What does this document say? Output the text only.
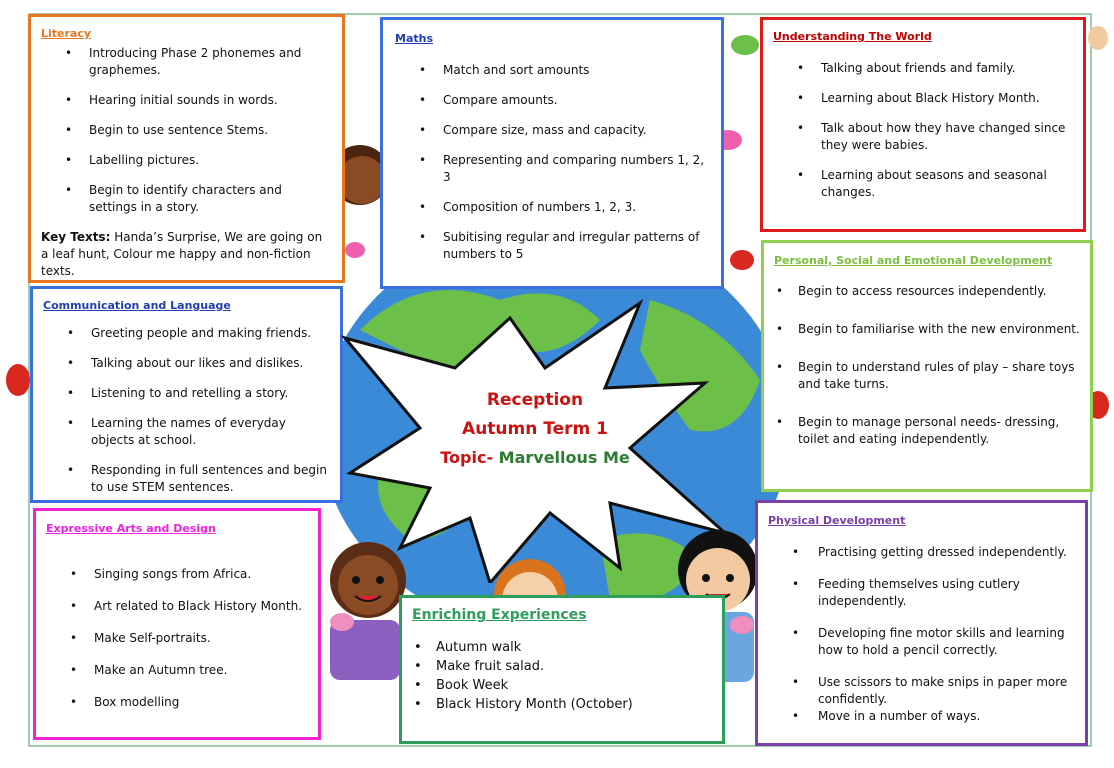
Literacy
• Introducing Phase 2 phonemes and graphemes.
• Hearing initial sounds in words.
• Begin to use sentence Stems.
• Labelling pictures.
• Begin to identify characters and settings in a story.
Key Texts: Handa’s Surprise, We are going on a leaf hunt, Colour me happy and non-fiction texts.
Maths
• Match and sort amounts
• Compare amounts.
• Compare size, mass and capacity.
• Representing and comparing numbers 1, 2, 3
• Composition of numbers 1, 2, 3.
• Subitising regular and irregular patterns of numbers to 5
Understanding The World
• Talking about friends and family.
• Learning about Black History Month.
• Talk about how they have changed since they were babies.
• Learning about seasons and seasonal changes.
Communication and Language
• Greeting people and making friends.
• Talking about our likes and dislikes.
• Listening to and retelling a story.
• Learning the names of everyday objects at school.
• Responding in full sentences and begin to use STEM sentences.
Personal, Social and Emotional Development
• Begin to access resources independently.
• Begin to familiarise with the new environment.
• Begin to understand rules of play – share toys and take turns.
• Begin to manage personal needs- dressing, toilet and eating independently.
Reception
Autumn Term 1
Topic- Marvellous Me
Expressive Arts and Design
• Singing songs from Africa.
• Art related to Black History Month.
• Make Self-portraits.
• Make an Autumn tree.
• Box modelling
Enriching Experiences
• Autumn walk
• Make fruit salad.
• Book Week
• Black History Month (October)
Physical Development
• Practising getting dressed independently.
• Feeding themselves using cutlery independently.
• Developing fine motor skills and learning how to hold a pencil correctly.
• Use scissors to make snips in paper more confidently.
• Move in a number of ways.
